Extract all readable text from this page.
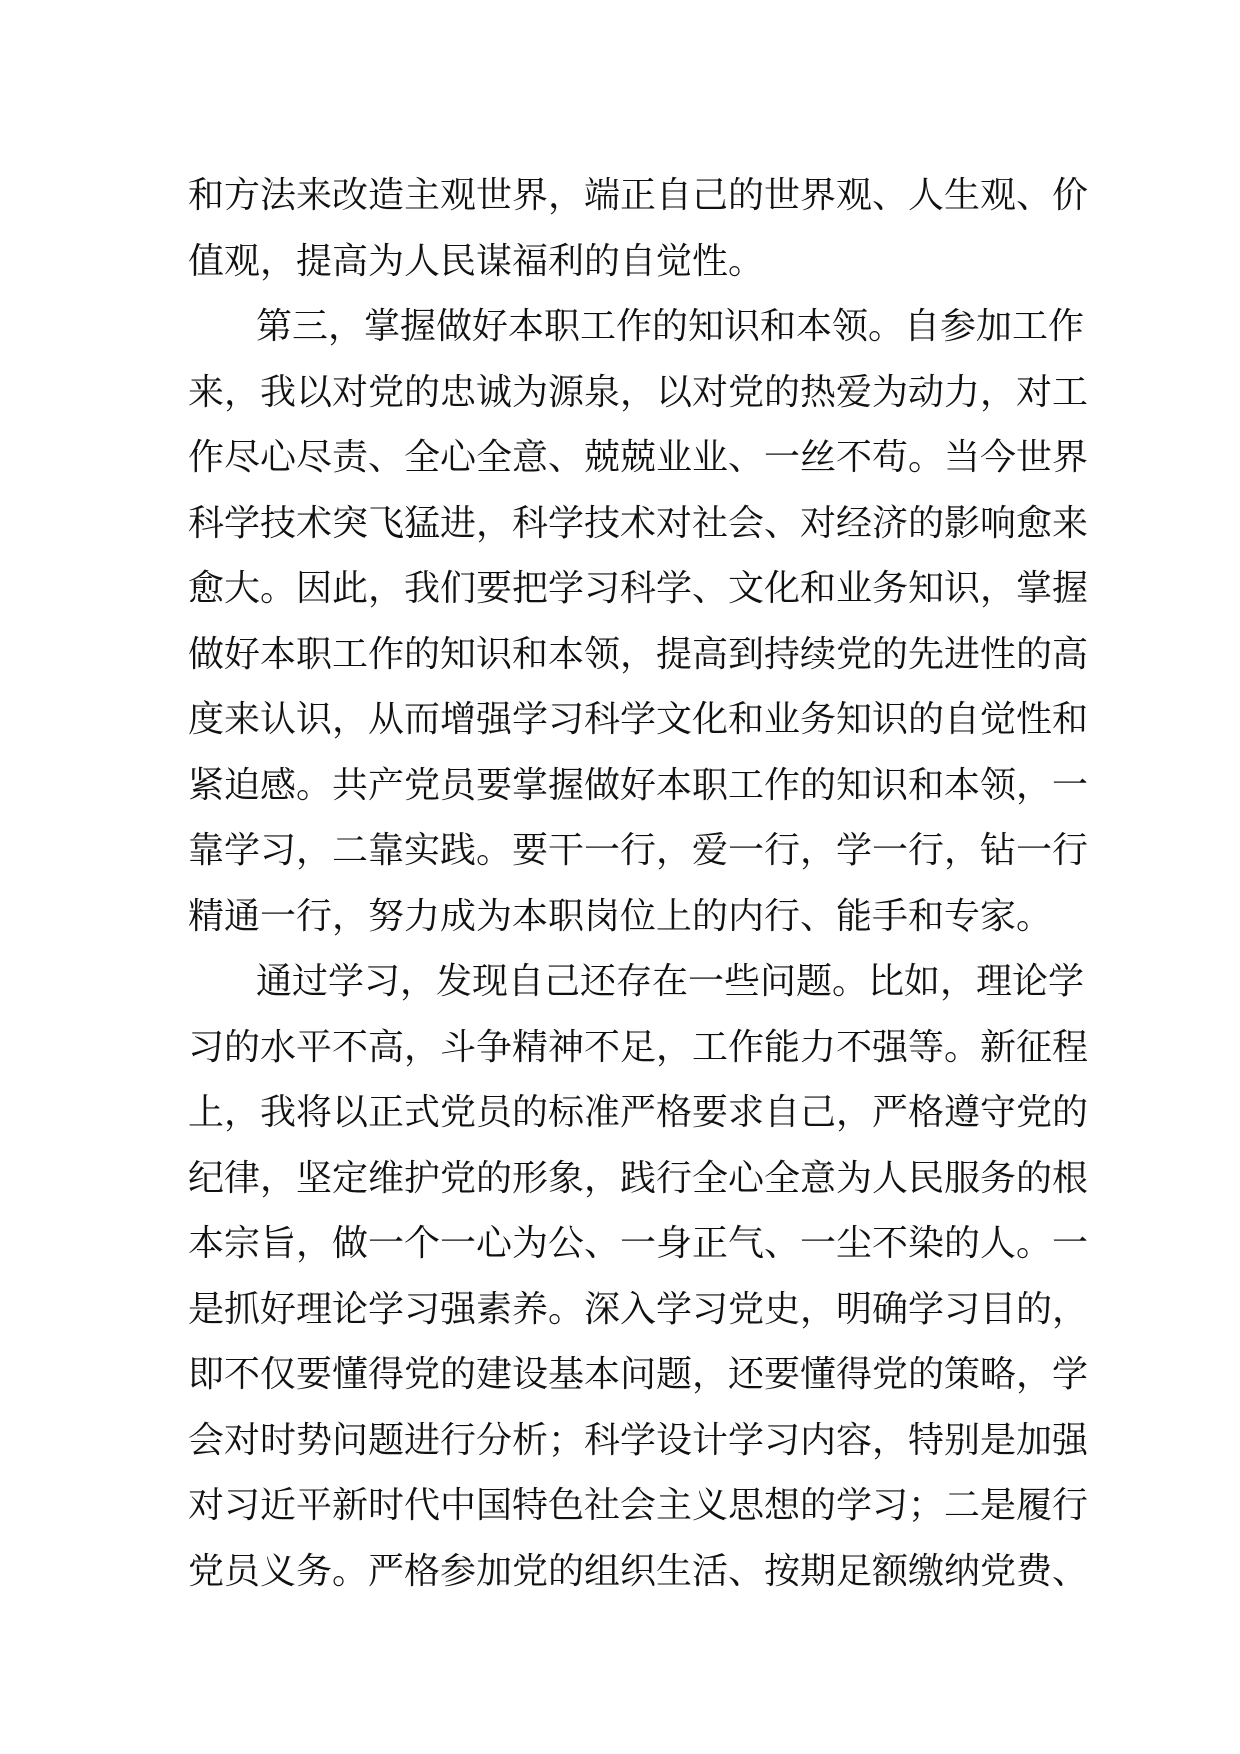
和方法来改造主观世界，端正自己的世界观、人生观、价
值观，提高为人民谋福利的自觉性。
第三，掌握做好本职工作的知识和本领。自参加工作
来，我以对党的忠诚为源泉，以对党的热爱为动力，对工
作尽心尽责、全心全意、兢兢业业、一丝不苟。当今世界
科学技术突飞猛进，科学技术对社会、对经济的影响愈来
愈大。因此，我们要把学习科学、文化和业务知识，掌握
做好本职工作的知识和本领，提高到持续党的先进性的高
度来认识，从而增强学习科学文化和业务知识的自觉性和
紧迫感。共产党员要掌握做好本职工作的知识和本领，一
靠学习，二靠实践。要干一行，爱一行，学一行，钻一行
精通一行，努力成为本职岗位上的内行、能手和专家。
通过学习，发现自己还存在一些问题。比如，理论学
习的水平不高，斗争精神不足，工作能力不强等。新征程
上，我将以正式党员的标准严格要求自己，严格遵守党的
纪律，坚定维护党的形象，践行全心全意为人民服务的根
本宗旨，做一个一心为公、一身正气、一尘不染的人。一
是抓好理论学习强素养。深入学习党史，明确学习目的，
即不仅要懂得党的建设基本问题，还要懂得党的策略，学
会对时势问题进行分析；科学设计学习内容，特别是加强
对习近平新时代中国特色社会主义思想的学习；二是履行
党员义务。严格参加党的组织生活、按期足额缴纳党费、
